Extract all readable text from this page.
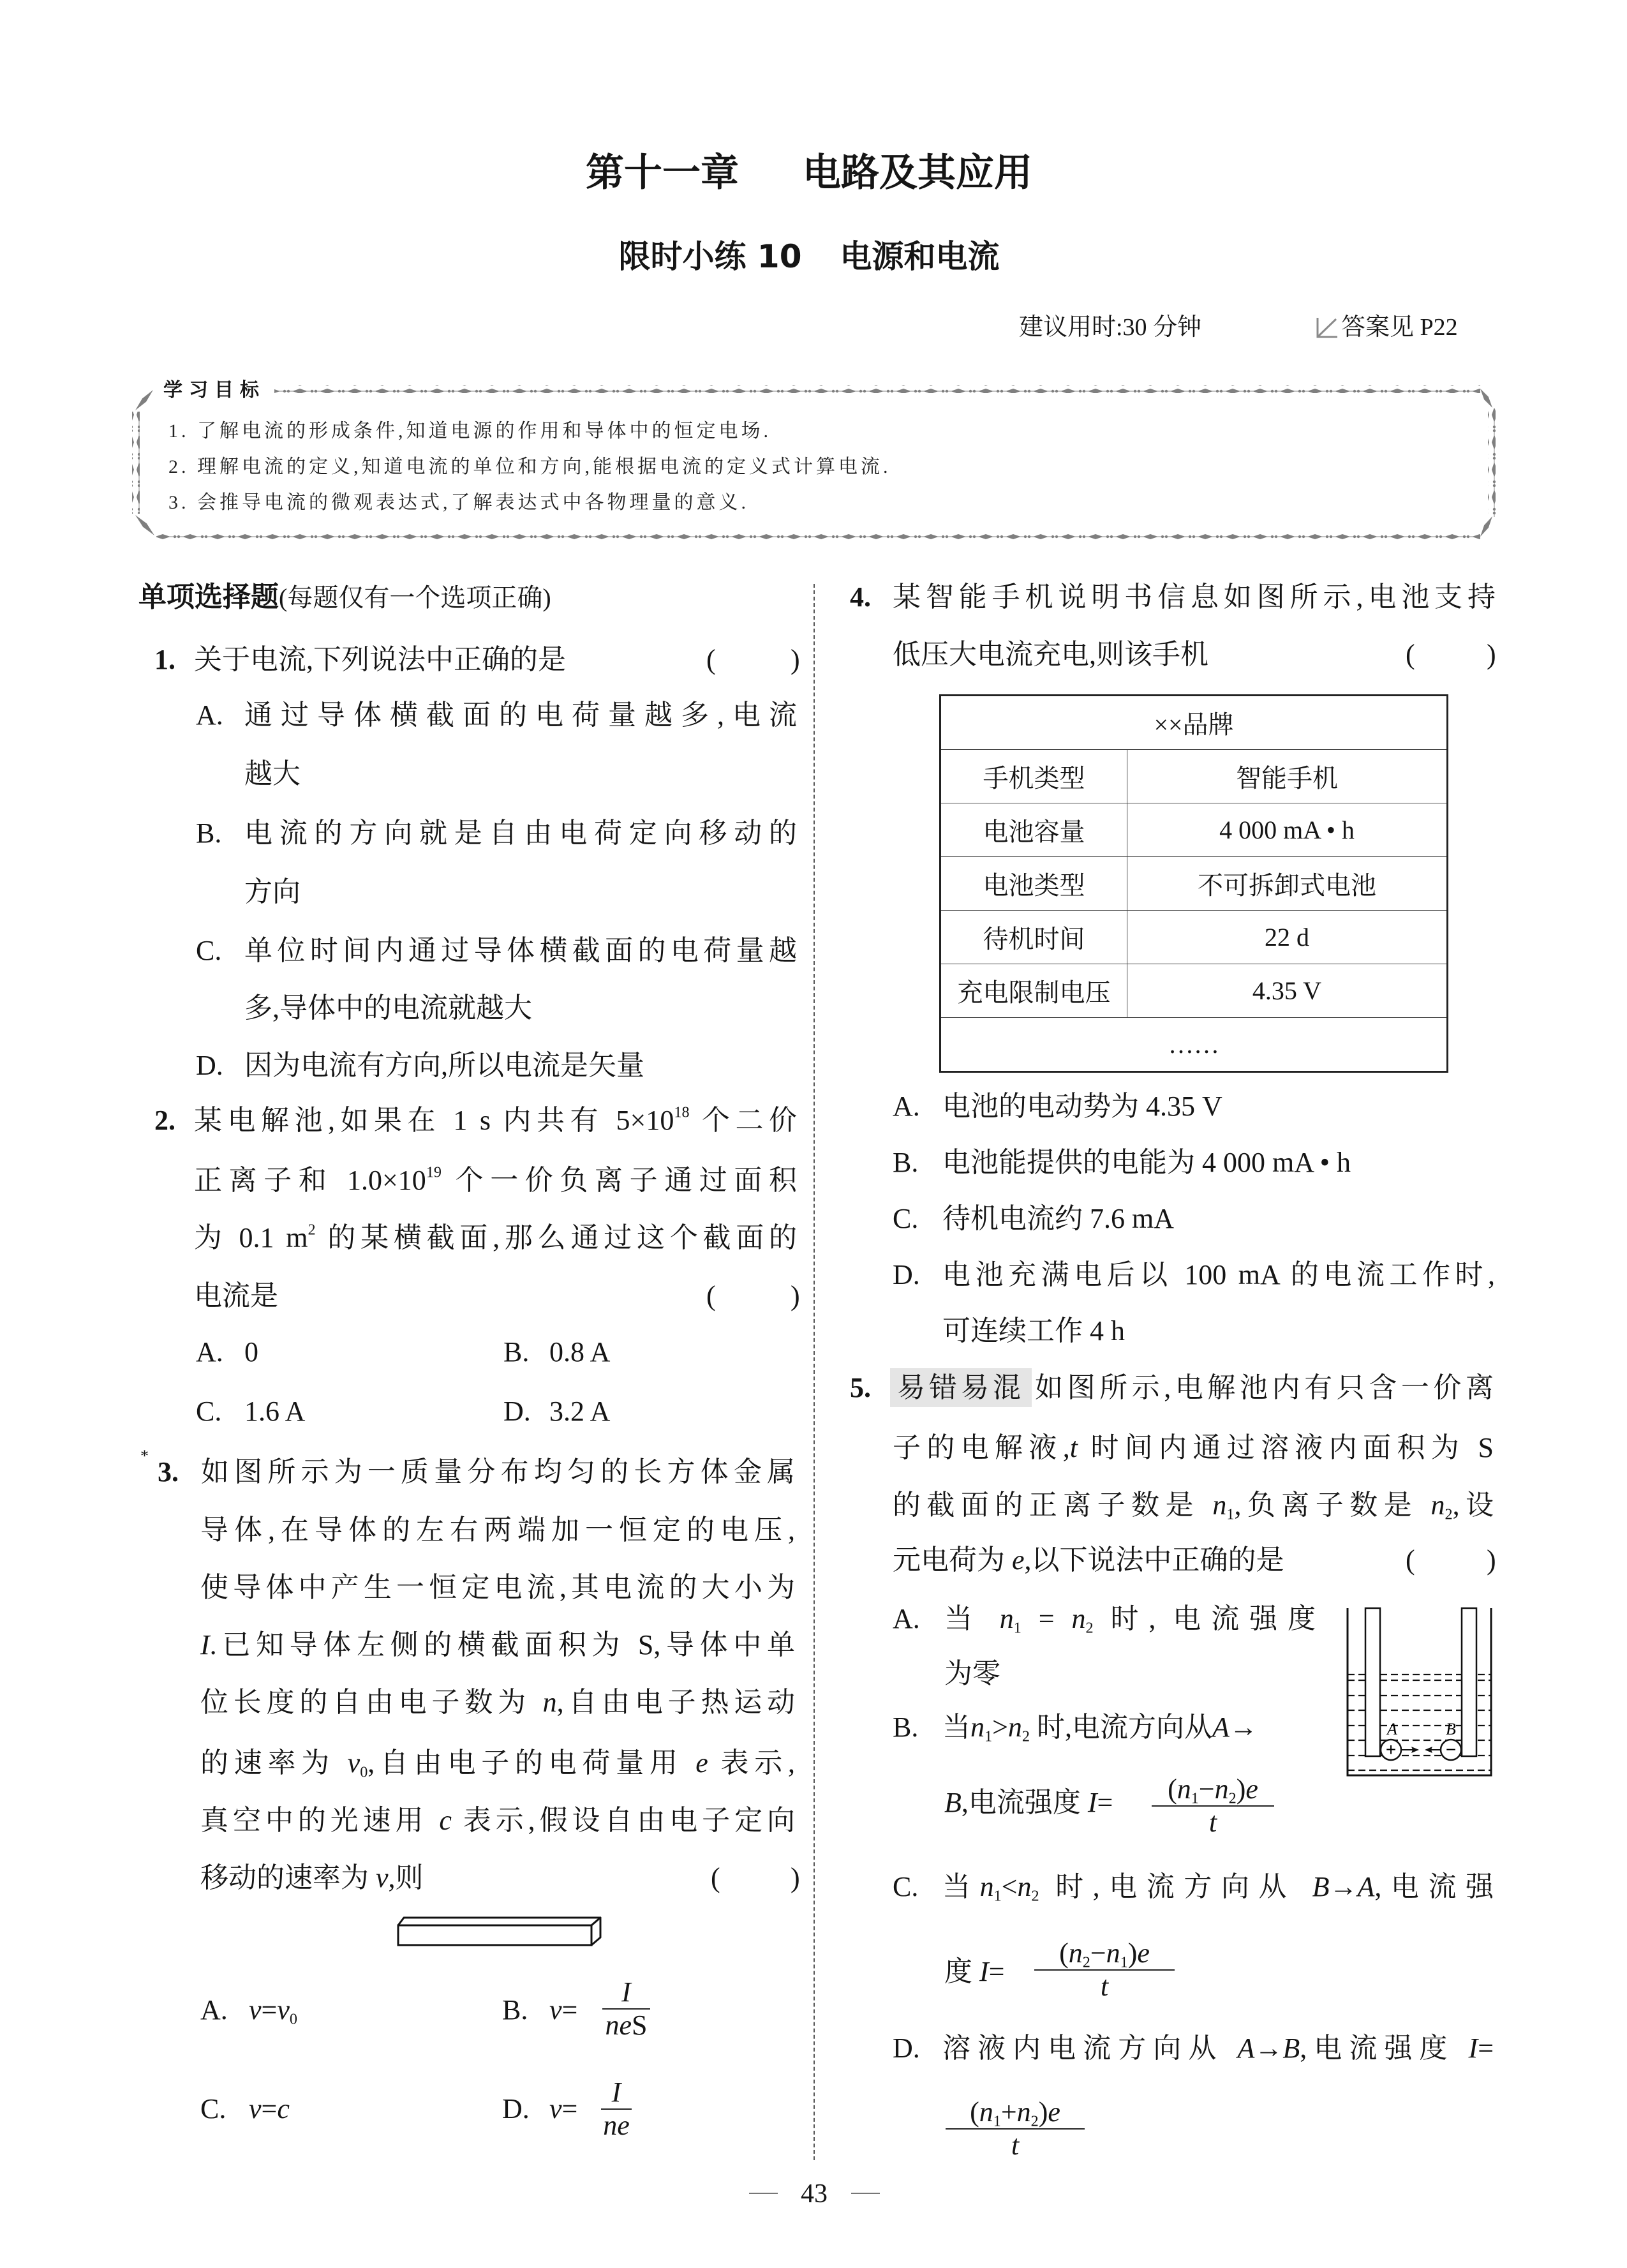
第十一章 电路及其应用
限时小练 10 电源和电流
建议用时:30 分钟	答案见 P22
学习目标
1. 了解电流的形成条件,知道电源的作用和导体中的恒定电场.
2. 理解电流的定义,知道电流的单位和方向,能根据电流的定义式计算电流.
3. 会推导电流的微观表达式,了解表达式中各物理量的意义.
单项选择题(每题仅有一个选项正确)
1. 关于电流,下列说法中正确的是	(	)
A. 通过导体横截面的电荷量越多,电流
越大
B. 电流的方向就是自由电荷定向移动的
方向
C. 单位时间内通过导体横截面的电荷量越
多,导体中的电流就越大
D. 因为电流有方向,所以电流是矢量
2. 某电解池,如果在 1 s 内共有 $5\times 10^{18}$ 个二价
正离子和 $1.0\times 10^{19}$ 个一价负离子通过面积
为 0.1 $m^2$ 的某横截面,那么通过这个截面的
电流是	(	)
A. 0	B. 0.8 A
C. 1.6 A	D. 3.2 A
*
3. 如图所示为一质量分布均匀的长方体金属
导体,在导体的左右两端加一恒定的电压,
使导体中产生一恒定电流,其电流的大小为
I.已知导体左侧的横截面积为 S,导体中单
位长度的自由电子数为 n,自由电子热运动
的速率为 v0,自由电子的电荷量用 e 表示,
真空中的光速用 c 表示,假设自由电子定向
移动的速率为 v,则	(	)
A. v=v0	B. v=
I
neS
C. v=c	D. v=
I
ne
4. 某智能手机说明书信息如图所示,电池支持
低压大电流充电,则该手机	(	)
××品牌	
手机类型	智能手机
电池容量	4 000 mA • h
电池类型	不可拆卸式电池
待机时间	22 d
充电限制电压	4.35 V
……	
A. 电池的电动势为 4.35 V
B. 电池能提供的电能为 4 000 mA • h
C. 待机电流约 7.6 mA
D. 电池充满电后以 100 mA 的电流工作时,
可连续工作 4 h
5. 易错易混 如图所示,电解池内有只含一价离
子的电解液,t 时间内通过溶液内面积为 S
的截面的正离子数是 n1,负离子数是 n2,设
元电荷为 e,以下说法中正确的是	(	)
+	−
A	B
A. 当 n1 = n2 时, 电流强度
为零
B. 当n1>n2 时,电流方向从A→
B,电流强度 I=	(n1−n2)e
t
C. 当n1<n2 时,电流方向从 B→A,电流强
度 I=
(n2−n1)e
t
D. 溶液内电流方向从 A→B,电流强度 I=
(n1+n2)e
t
43
